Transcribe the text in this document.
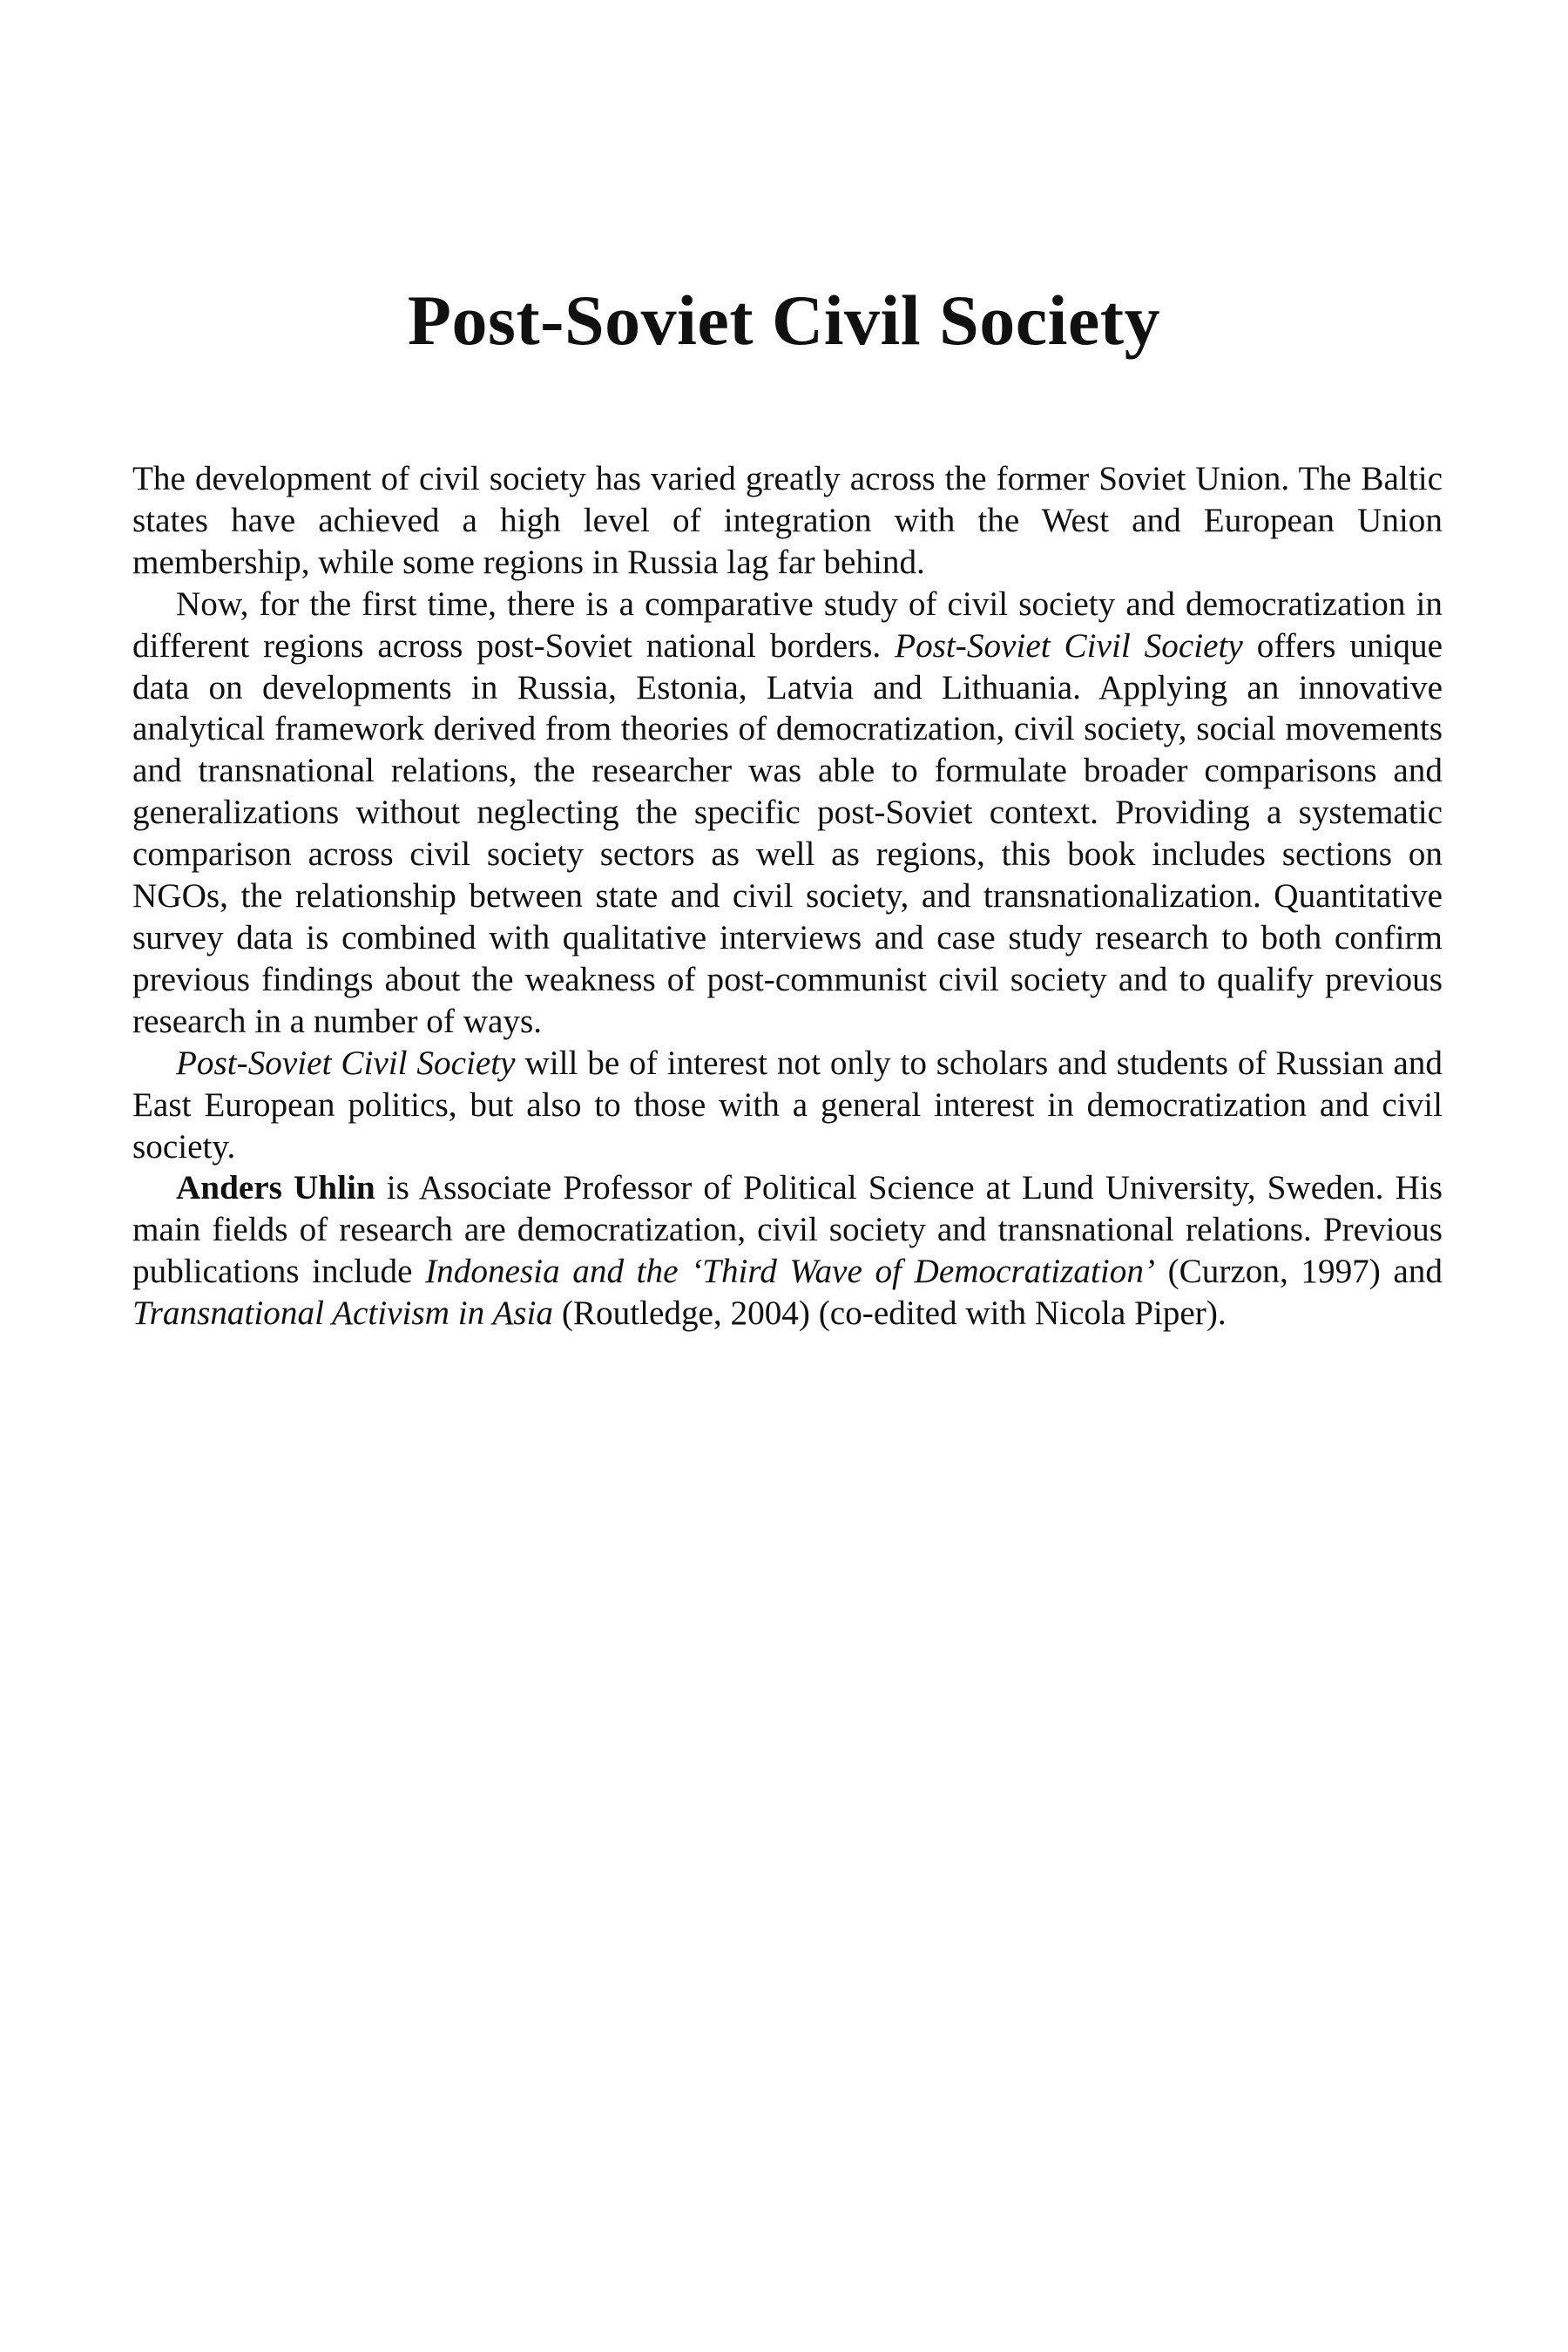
Post-Soviet Civil Society

The development of civil society has varied greatly across the former Soviet Union. The Baltic states have achieved a high level of integration with the West and European Union membership, while some regions in Russia lag far behind.

Now, for the first time, there is a comparative study of civil society and democratization in different regions across post-Soviet national borders. Post-Soviet Civil Society offers unique data on developments in Russia, Estonia, Latvia and Lithuania. Applying an innovative analytical framework derived from theories of democratization, civil society, social movements and transnational relations, the researcher was able to formulate broader comparisons and generalizations without neglecting the specific post-Soviet context. Providing a systematic comparison across civil society sectors as well as regions, this book includes sections on NGOs, the relationship between state and civil society, and transnationalization. Quantitative survey data is combined with qualitative interviews and case study research to both confirm previous findings about the weakness of post-communist civil society and to qualify previous research in a number of ways.

Post-Soviet Civil Society will be of interest not only to scholars and students of Russian and East European politics, but also to those with a general interest in democratization and civil society.

Anders Uhlin is Associate Professor of Political Science at Lund University, Sweden. His main fields of research are democratization, civil society and transnational relations. Previous publications include Indonesia and the ‘Third Wave of Democratization’ (Curzon, 1997) and Transnational Activism in Asia (Routledge, 2004) (co-edited with Nicola Piper).
